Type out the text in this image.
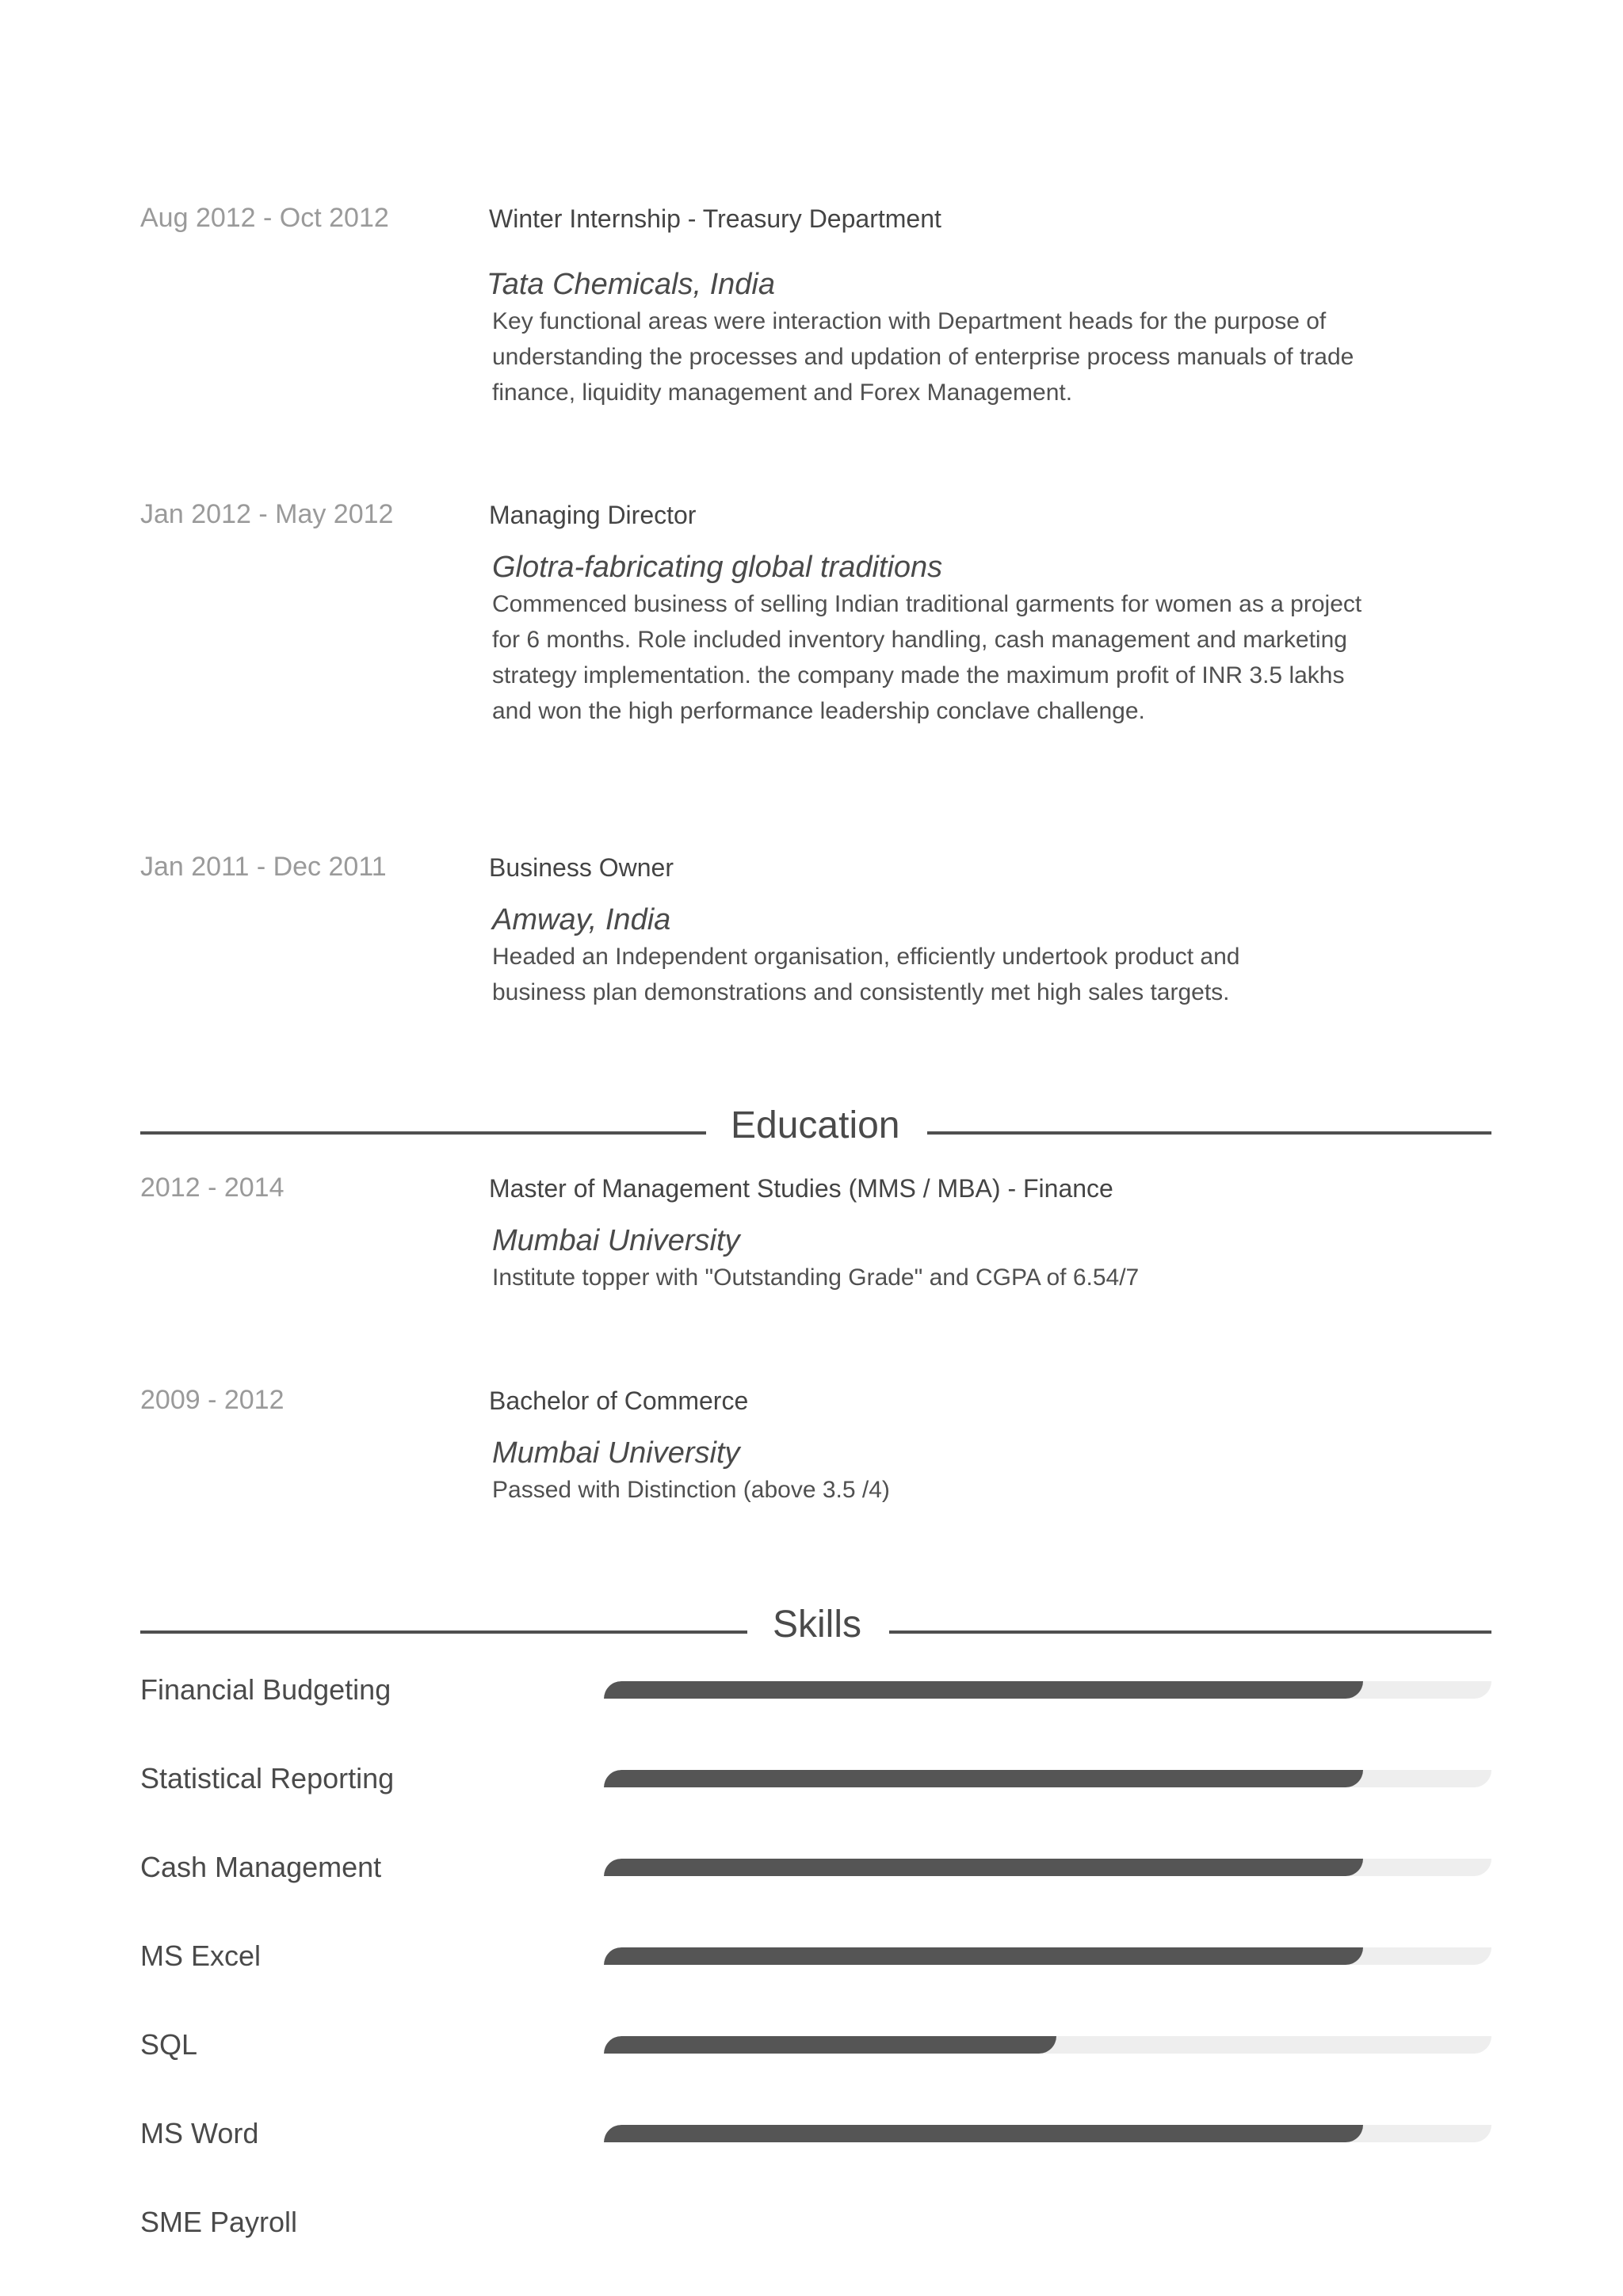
Aug 2012 - Oct 2012	Winter Internship - Treasury Department
Tata Chemicals, India
Key functional areas were interaction with Department heads for the purpose of
understanding the processes and updation of enterprise process manuals of trade
finance, liquidity management and Forex Management.
Jan 2012 - May 2012	Managing Director
Glotra-fabricating global traditions
Commenced business of selling Indian traditional garments for women as a project
for 6 months. Role included inventory handling, cash management and marketing
strategy implementation. the company made the maximum profit of INR 3.5 lakhs
and won the high performance leadership conclave challenge.
Jan 2011 - Dec 2011	Business Owner
Amway, India
Headed an Independent organisation, efficiently undertook product and
business plan demonstrations and consistently met high sales targets.
Education
2012 - 2014	Master of Management Studies (MMS / MBA) - Finance
Mumbai University
Institute topper with "Outstanding Grade" and CGPA of 6.54/7
2009 - 2012	Bachelor of Commerce
Mumbai University
Passed with Distinction (above 3.5 /4)
Skills
Financial Budgeting
Statistical Reporting
Cash Management
MS Excel
SQL
MS Word
SME Payroll
